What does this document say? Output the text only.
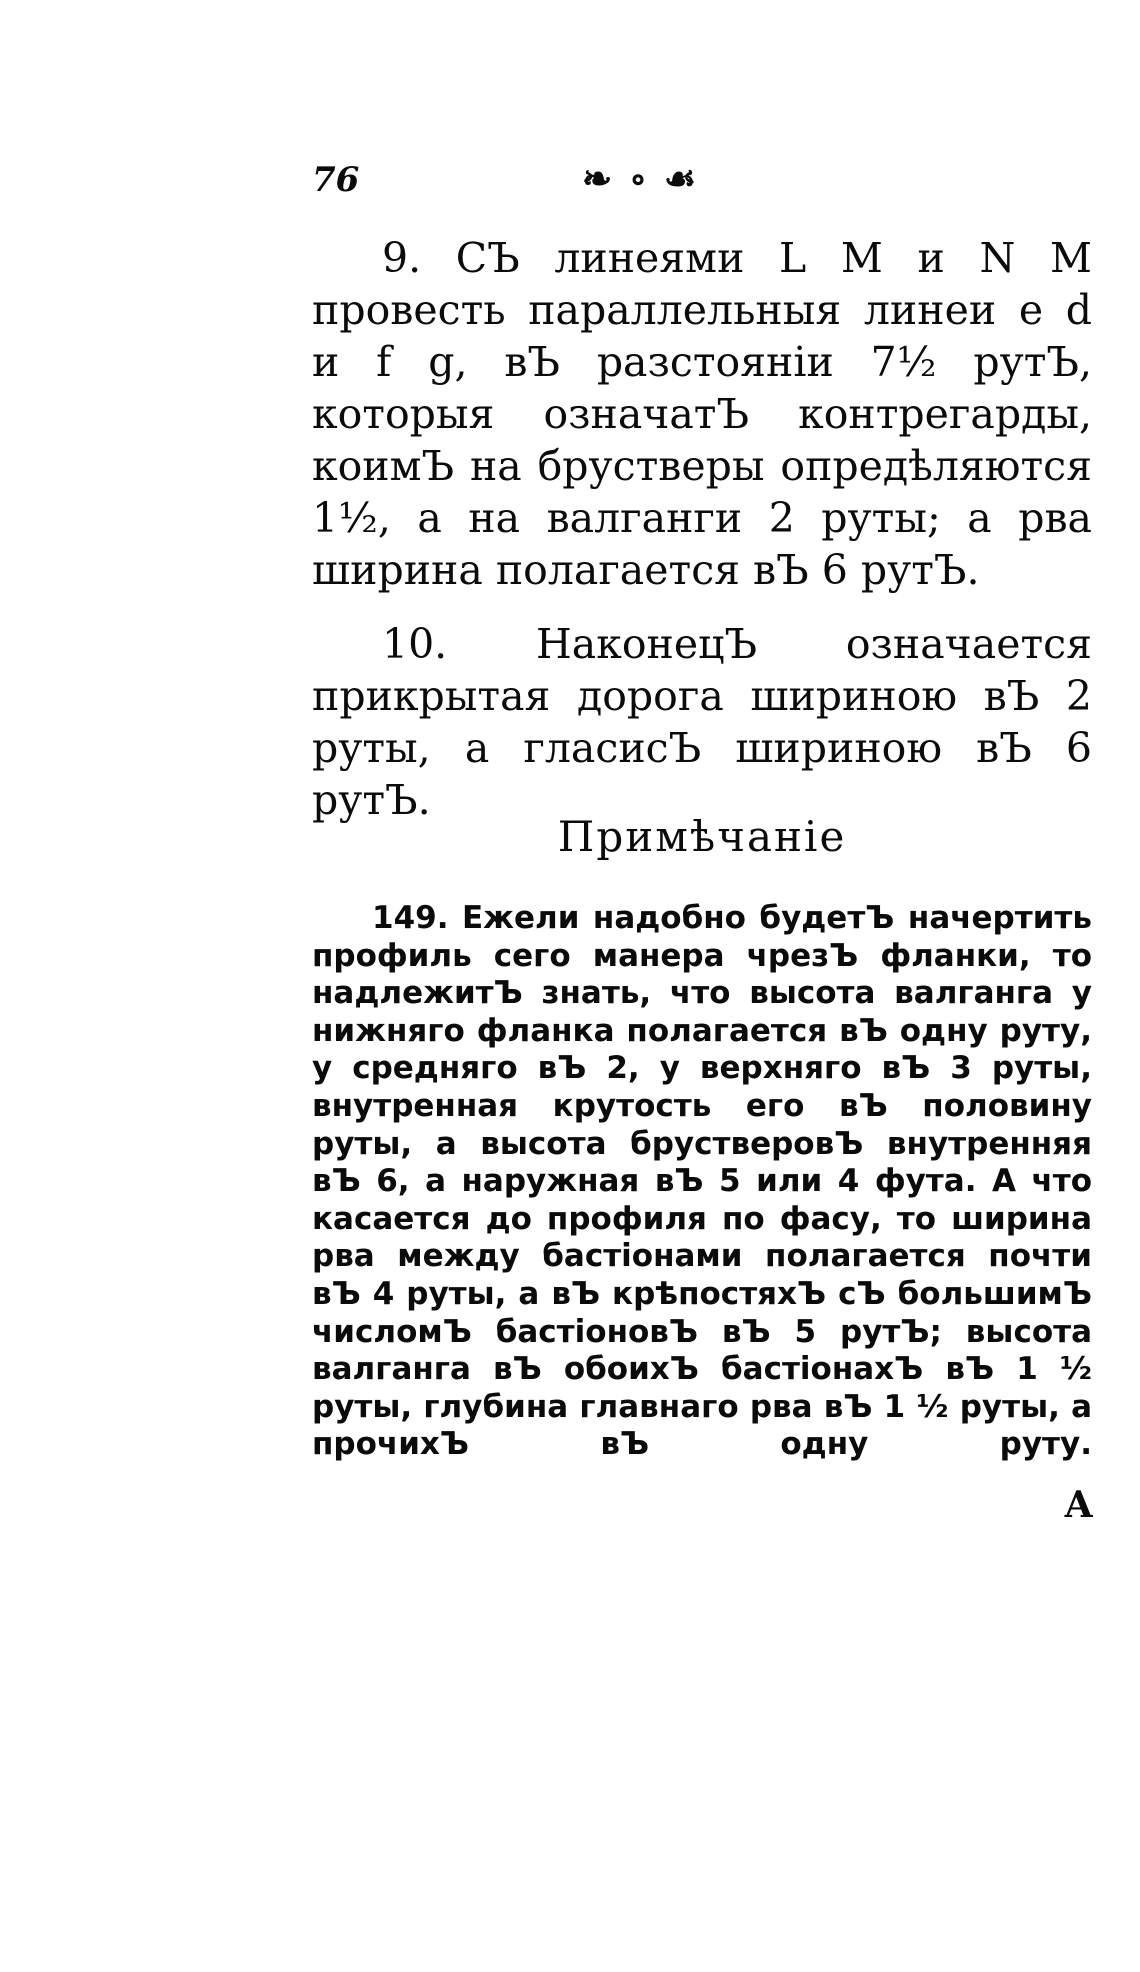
76	❧ ∘ ☙

9. СЪ линеями L M и N M провесть параллельныя линеи e d и f g, вЪ разстояніи 7½ рутЪ, которыя означатЪ контрегарды, коимЪ на брустверы опредѣляются 1½, а на валганги 2 руты; а рва ширина полагается вЪ 6 рутЪ.

10. НаконецЪ означается прикрытая дорога шириною вЪ 2 руты, а гласисЪ шириною вЪ 6 рутЪ.

Примѣчаніе

149. Ежели надобно будетЪ начертить профиль сего манера чрезЪ фланки, то надлежитЪ знать, что высота валганга у нижняго фланка полагается вЪ одну руту, у средняго вЪ 2, у верхняго вЪ 3 руты, внутренная крутость его вЪ половину руты, а высота брустверовЪ внутренняя вЪ 6, а наружная вЪ 5 или 4 фута. А что касается до профиля по фасу, то ширина рва между бастіонами полагается почти вЪ 4 руты, а вЪ крѣпостяхЪ сЪ большимЪ числомЪ бастіоновЪ вЪ 5 рутЪ; высота валганга вЪ обоихЪ бастіонахЪ вЪ 1 ½ руты, глубина главнаго рва вЪ 1 ½ руты, а прочихЪ вЪ одну руту.

А
